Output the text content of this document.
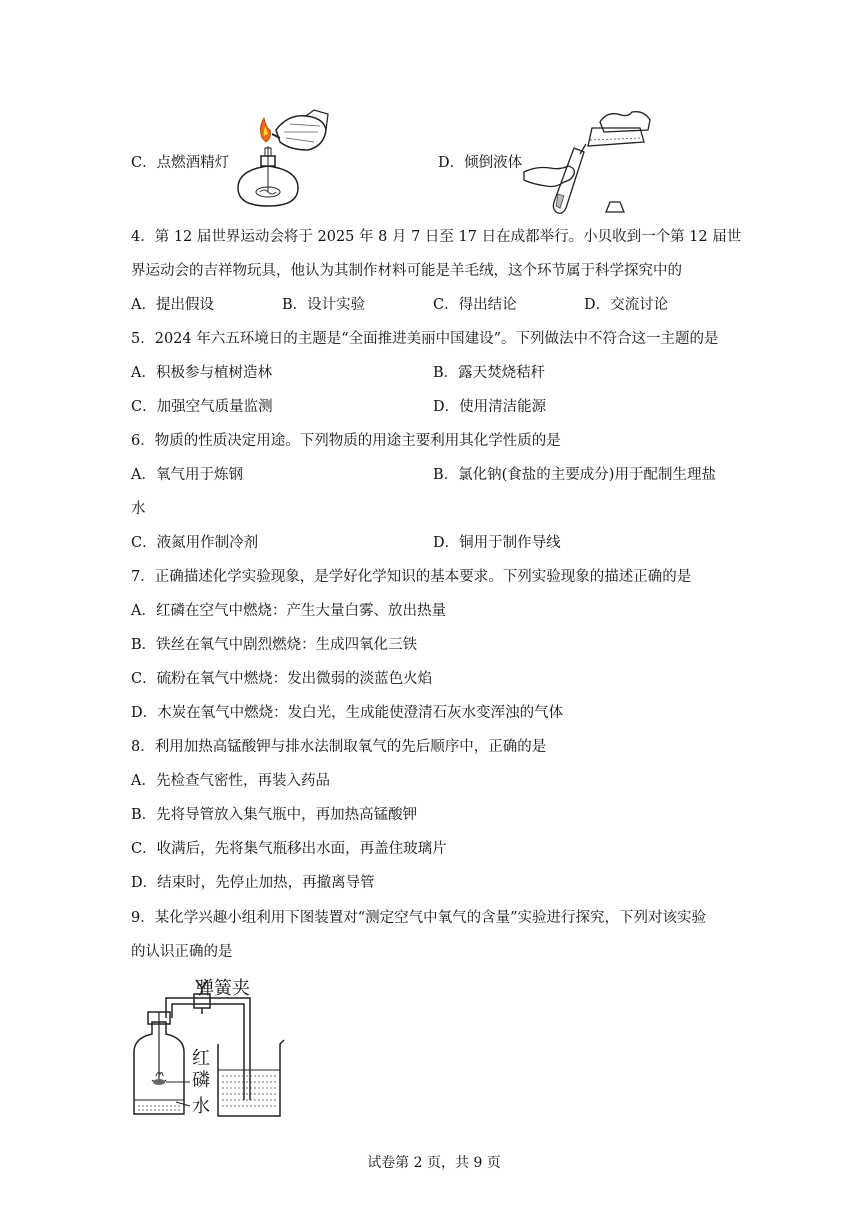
C．点燃酒精灯	D．倾倒液体
4．第 12 届世界运动会将于 2025 年 8 月 7 日至 17 日在成都举行。小贝收到一个第 12 届世
界运动会的吉祥物玩具，他认为其制作材料可能是羊毛绒，这个环节属于科学探究中的
A．提出假设	B．设计实验	C．得出结论	D．交流讨论
5．2024 年六五环境日的主题是“全面推进美丽中国建设”。下列做法中不符合这一主题的是
A．积极参与植树造林	B．露天焚烧秸秆
C．加强空气质量监测	D．使用清洁能源
6．物质的性质决定用途。下列物质的用途主要利用其化学性质的是
A．氧气用于炼钢	B．氯化钠(食盐的主要成分)用于配制生理盐
水
C．液氮用作制冷剂	D．铜用于制作导线
7．正确描述化学实验现象，是学好化学知识的基本要求。下列实验现象的描述正确的是
A．红磷在空气中燃烧：产生大量白雾、放出热量
B．铁丝在氧气中剧烈燃烧：生成四氧化三铁
C．硫粉在氧气中燃烧：发出微弱的淡蓝色火焰
D．木炭在氧气中燃烧：发白光，生成能使澄清石灰水变浑浊的气体
8．利用加热高锰酸钾与排水法制取氧气的先后顺序中，正确的是
A．先检查气密性，再装入药品
B．先将导管放入集气瓶中，再加热高锰酸钾
C．收满后，先将集气瓶移出水面，再盖住玻璃片
D．结束时，先停止加热，再撤离导管
9．某化学兴趣小组利用下图装置对“测定空气中氧气的含量”实验进行探究，下列对该实验
的认识正确的是
弹簧夹
红
磷
水
试卷第 2 页，共 9 页
